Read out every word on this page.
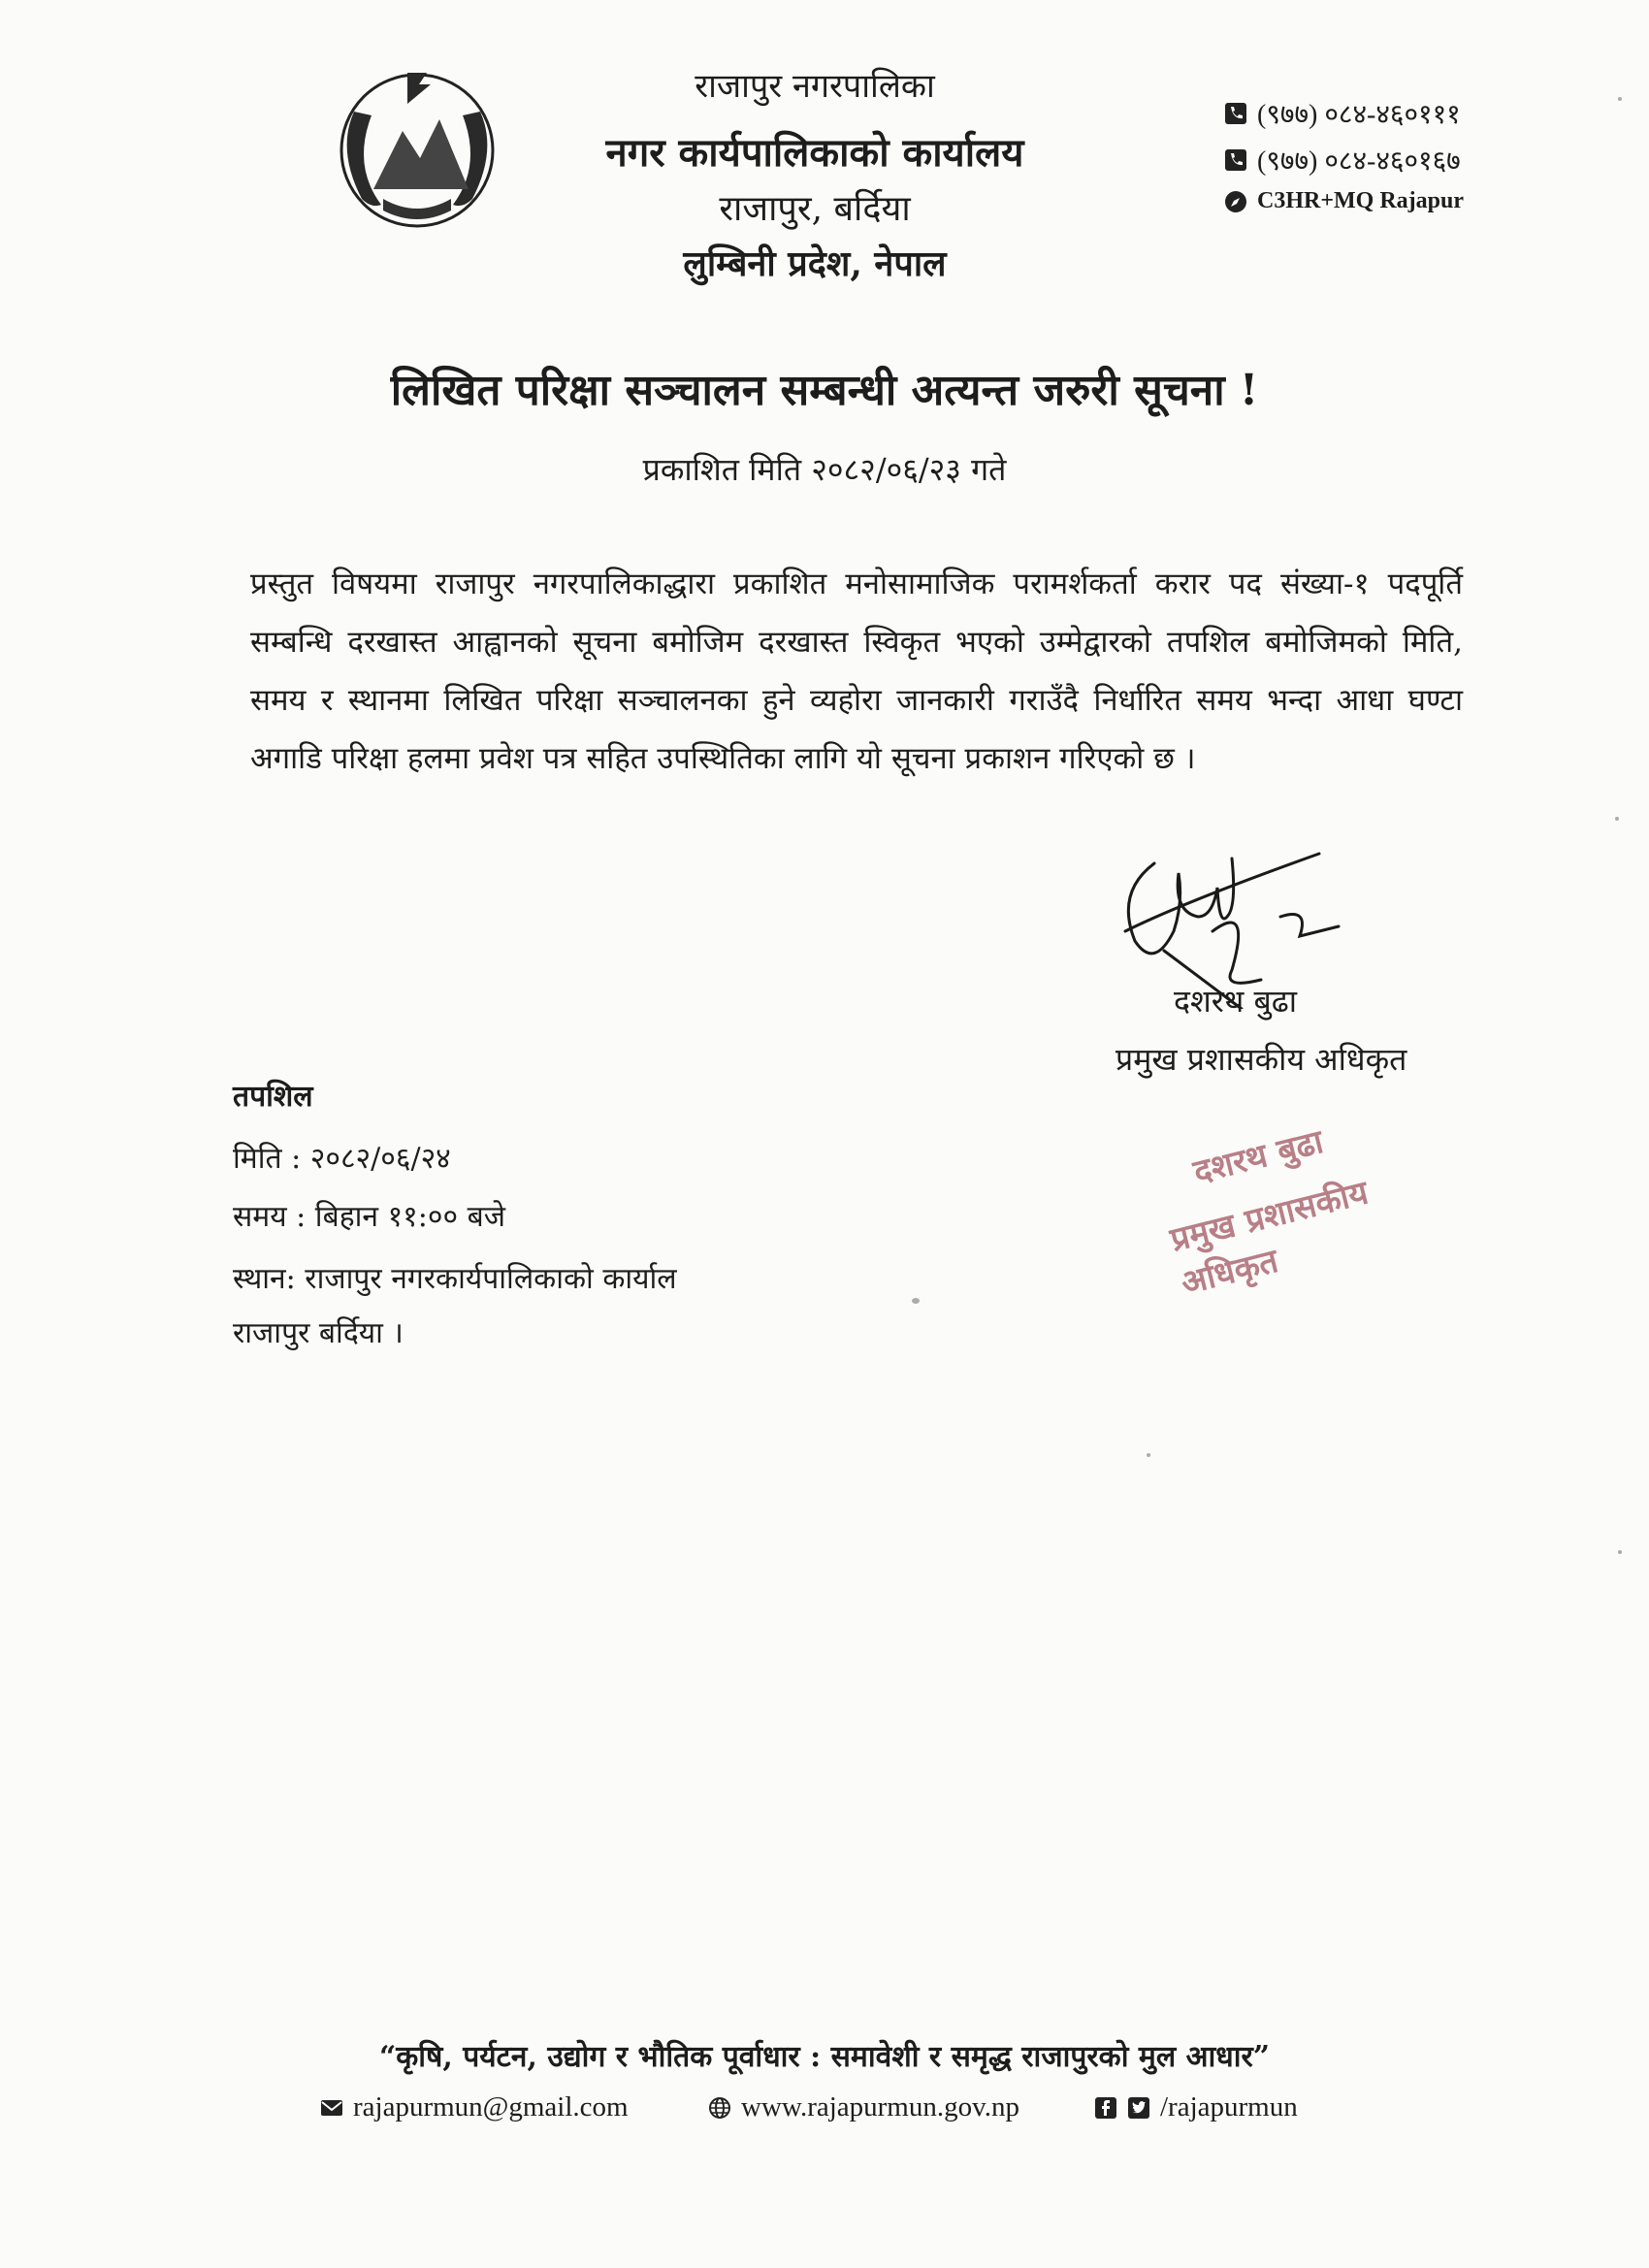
राजापुर नगरपालिका
नगर कार्यपालिकाको कार्यालय
राजापुर, बर्दिया
लुम्बिनी प्रदेश, नेपाल
(९७७) ०८४-४६०१११
(९७७) ०८४-४६०१६७
C3HR+MQ Rajapur
लिखित परिक्षा सञ्चालन सम्बन्धी अत्यन्त जरुरी सूचना !
प्रकाशित मिति २०८२/०६/२३ गते
प्रस्तुत विषयमा राजापुर नगरपालिकाद्धारा प्रकाशित मनोसामाजिक परामर्शकर्ता करार पद संख्या-१ पदपूर्ति सम्बन्धि दरखास्त आह्वानको सूचना बमोजिम दरखास्त स्विकृत भएको उम्मेद्वारको तपशिल बमोजिमको मिति, समय र स्थानमा लिखित परिक्षा सञ्चालनका हुने व्यहोरा जानकारी गराउँदै निर्धारित समय भन्दा आधा घण्टा अगाडि परिक्षा हलमा प्रवेश पत्र सहित उपस्थितिका लागि यो सूचना प्रकाशन गरिएको छ ।
दशरथ बुढा
प्रमुख प्रशासकीय अधिकृत
दशरथ बुढा
प्रमुख प्रशासकीय अधिकृत
तपशिल
मिति : २०८२/०६/२४
समय : बिहान ११:०० बजे
स्थान: राजापुर नगरकार्यपालिकाको कार्याल
राजापुर बर्दिया ।
“कृषि, पर्यटन, उद्योग र भौतिक पूर्वाधार : समावेशी र समृद्ध राजापुरको मुल आधार”
rajapurmun@gmail.com	www.rajapurmun.gov.np	/rajapurmun
